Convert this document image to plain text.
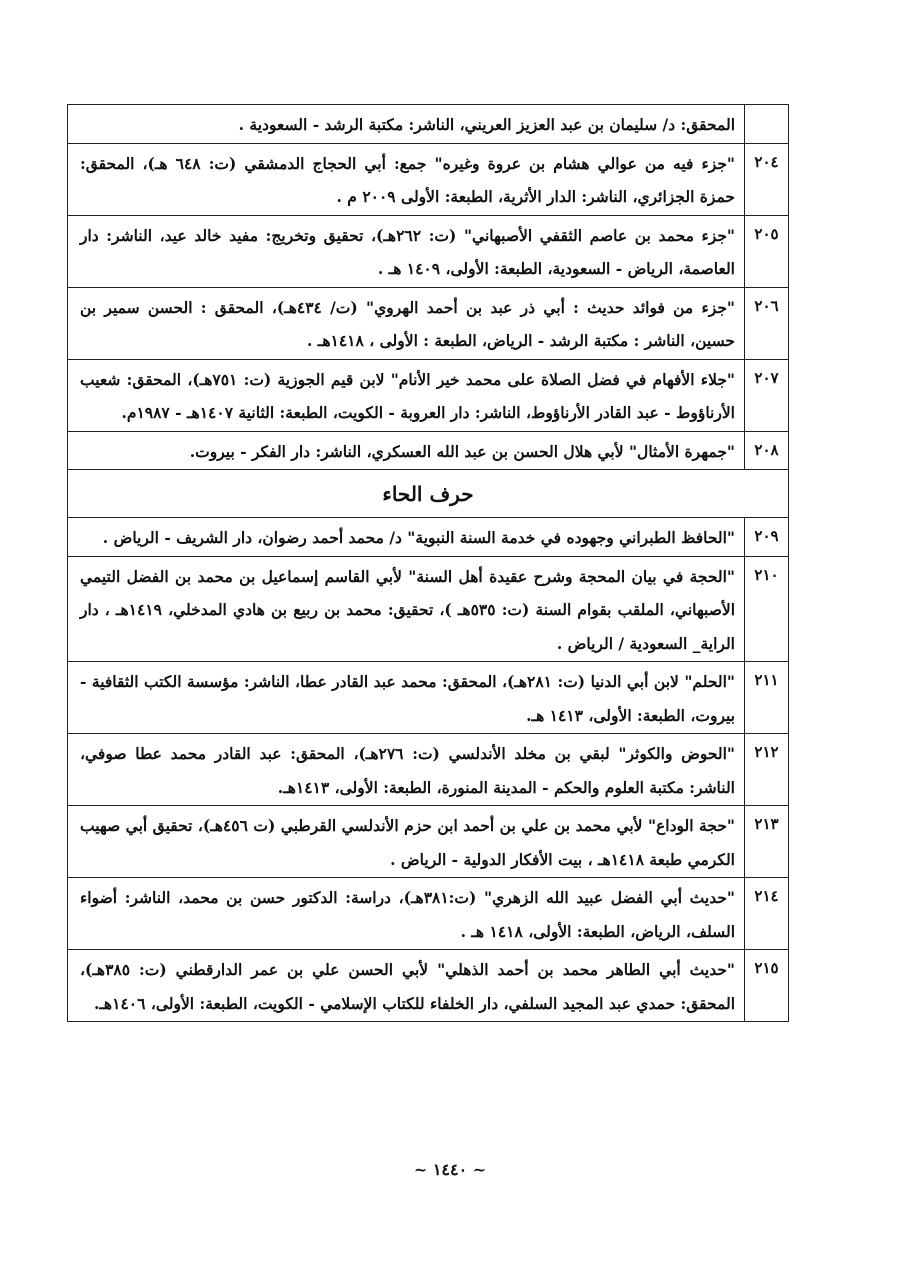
	المحقق: د/ سليمان بن عبد العزيز العريني، الناشر: مكتبة الرشد - السعودية .
٢٠٤	"جزء فيه من عوالي هشام بن عروة وغيره" جمع: أبي الحجاج الدمشقي (ت: ٦٤٨ هـ)، المحقق: حمزة الجزائري، الناشر: الدار الأثرية، الطبعة: الأولى ٢٠٠٩ م .
٢٠٥	"جزء محمد بن عاصم الثقفي الأصبهاني" (ت: ٢٦٢هـ)، تحقيق وتخريج: مفيد خالد عيد، الناشر: دار العاصمة، الرياض - السعودية، الطبعة: الأولى، ١٤٠٩ هـ .
٢٠٦	"جزء من فوائد حديث : أبي ذر عبد بن أحمد الهروي" (ت/ ٤٣٤هـ)، المحقق : الحسن سمير بن حسين، الناشر : مكتبة الرشد - الرياض، الطبعة : الأولى ، ١٤١٨هـ .
٢٠٧	"جلاء الأفهام في فضل الصلاة على محمد خير الأنام" لابن قيم الجوزية (ت: ٧٥١هـ)، المحقق: شعيب الأرناؤوط - عبد القادر الأرناؤوط، الناشر: دار العروبة - الكويت، الطبعة: الثانية ١٤٠٧هـ - ١٩٨٧م.
٢٠٨	"جمهرة الأمثال" لأبي هلال الحسن بن عبد الله العسكري، الناشر: دار الفكر - بيروت.
حرف الحاء	
٢٠٩	"الحافظ الطبراني وجهوده في خدمة السنة النبوية" د/ محمد أحمد رضوان، دار الشريف - الرياض .
٢١٠	"الحجة في بيان المحجة وشرح عقيدة أهل السنة" لأبي القاسم إسماعيل بن محمد بن الفضل التيمي الأصبهاني، الملقب بقوام السنة (ت: ٥٣٥هـ )، تحقيق: محمد بن ربيع بن هادي المدخلي، ١٤١٩هـ ، دار الراية_ السعودية / الرياض .
٢١١	"الحلم" لابن أبي الدنيا (ت: ٢٨١هـ)، المحقق: محمد عبد القادر عطا، الناشر: مؤسسة الكتب الثقافية - بيروت، الطبعة: الأولى، ١٤١٣ هـ.
٢١٢	"الحوض والكوثر" لبقي بن مخلد الأندلسي (ت: ٢٧٦هـ)، المحقق: عبد القادر محمد عطا صوفي، الناشر: مكتبة العلوم والحكم - المدينة المنورة، الطبعة: الأولى، ١٤١٣هـ.
٢١٣	"حجة الوداع" لأبي محمد بن علي بن أحمد ابن حزم الأندلسي القرطبي (ت ٤٥٦هـ)، تحقيق أبي صهيب الكرمي طبعة ١٤١٨هـ ، بيت الأفكار الدولية - الرياض .
٢١٤	"حديث أبي الفضل عبيد الله الزهري" (ت:٣٨١هـ)، دراسة: الدكتور حسن بن محمد، الناشر: أضواء السلف، الرياض، الطبعة: الأولى، ١٤١٨ هـ .
٢١٥	"حديث أبي الطاهر محمد بن أحمد الذهلي" لأبي الحسن علي بن عمر الدارقطني (ت: ٣٨٥هـ)، المحقق: حمدي عبد المجيد السلفي، دار الخلفاء للكتاب الإسلامي - الكويت، الطبعة: الأولى، ١٤٠٦هـ.
~ ١٤٤٠ ~
